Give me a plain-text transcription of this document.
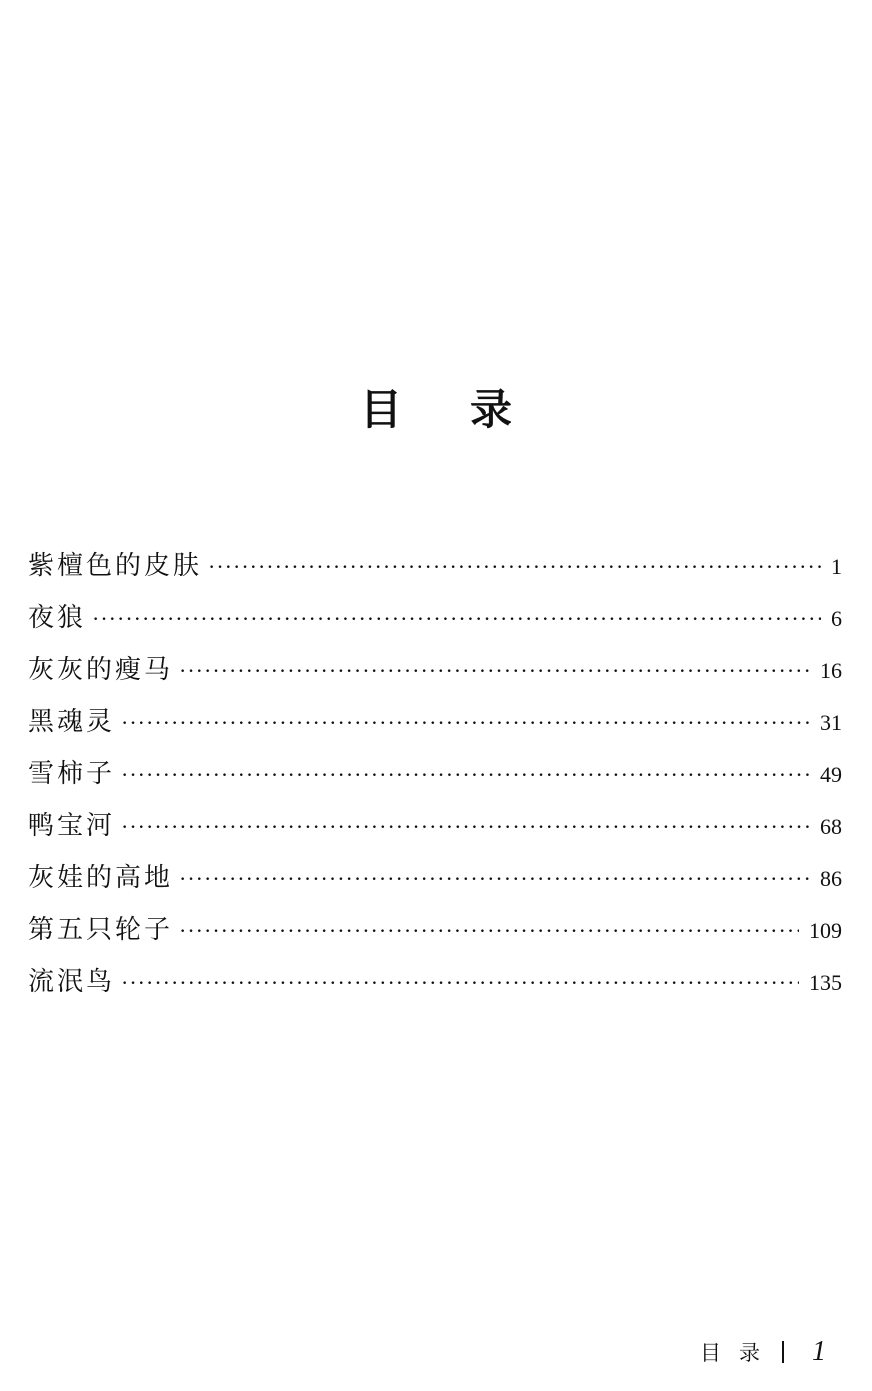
目 录
紫檀色的皮肤 ·····	1
夜狼 ·····	6
灰灰的瘦马 ·····	16
黑魂灵 ·····	31
雪柿子 ·····	49
鸭宝河 ·····	68
灰娃的高地 ·····	86
第五只轮子 ·····	109
流泯鸟 ·····	135
目录 1
